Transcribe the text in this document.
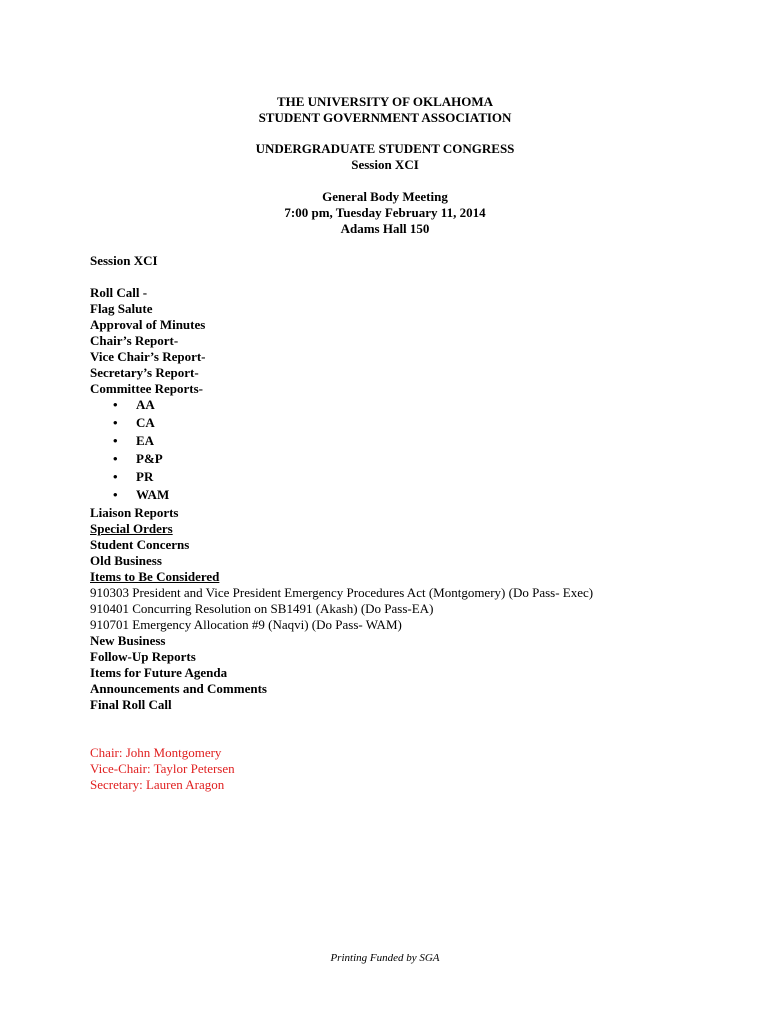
THE UNIVERSITY OF OKLAHOMA
STUDENT GOVERNMENT ASSOCIATION
UNDERGRADUATE STUDENT CONGRESS
Session XCI
General Body Meeting
7:00 pm, Tuesday February 11, 2014
Adams Hall 150
Session XCI
Roll Call -
Flag Salute
Approval of Minutes
Chair’s Report-
Vice Chair’s Report-
Secretary’s Report-
Committee Reports-
• AA
• CA
• EA
• P&P
• PR
• WAM
Liaison Reports
Special Orders
Student Concerns
Old Business
Items to Be Considered
910303 President and Vice President Emergency Procedures Act (Montgomery) (Do Pass- Exec)
910401 Concurring Resolution on SB1491 (Akash) (Do Pass-EA)
910701 Emergency Allocation #9 (Naqvi) (Do Pass- WAM)
New Business
Follow-Up Reports
Items for Future Agenda
Announcements and Comments
Final Roll Call
Chair: John Montgomery
Vice-Chair: Taylor Petersen
Secretary: Lauren Aragon
Printing Funded by SGA
